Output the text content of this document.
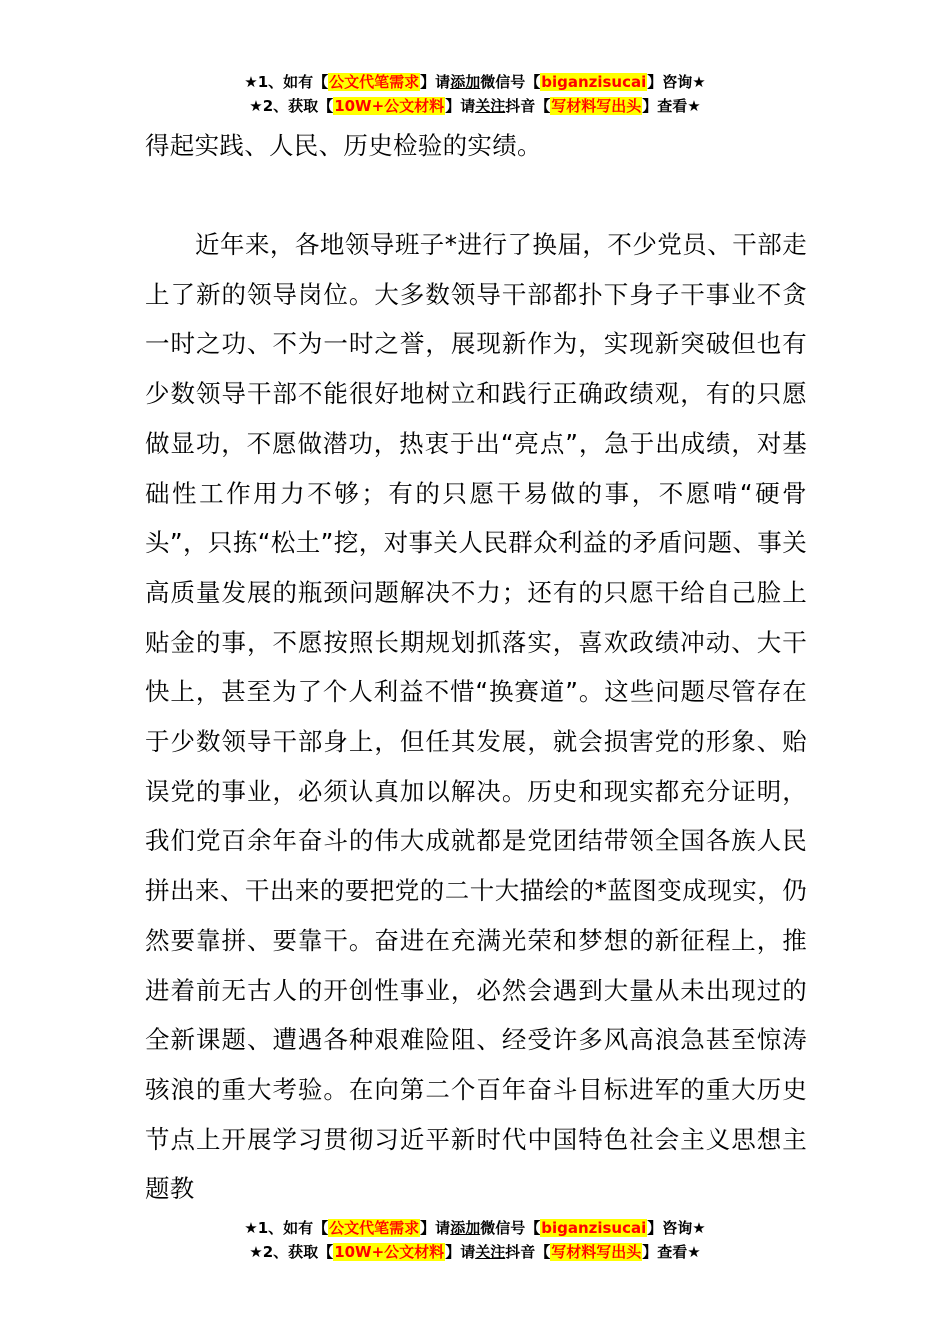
★1、如有【公文代笔需求】请添加微信号【biganzisucai】咨询★
★2、获取【10W+公文材料】请关注抖音【写材料写出头】查看★
得起实践、人民、历史检验的实绩。
近年来，各地领导班子*进行了换届，不少党员、干部走上了新的领导岗位。大多数领导干部都扑下身子干事业不贪一时之功、不为一时之誉，展现新作为，实现新突破但也有少数领导干部不能很好地树立和践行正确政绩观，有的只愿做显功，不愿做潜功，热衷于出“亮点”，急于出成绩，对基础性工作用力不够；有的只愿干易做的事，不愿啃“硬骨头”，只拣“松土”挖，对事关人民群众利益的矛盾问题、事关高质量发展的瓶颈问题解决不力；还有的只愿干给自己脸上贴金的事，不愿按照长期规划抓落实，喜欢政绩冲动、大干快上，甚至为了个人利益不惜“换赛道”。这些问题尽管存在于少数领导干部身上，但任其发展，就会损害党的形象、贻误党的事业，必须认真加以解决。历史和现实都充分证明，我们党百余年奋斗的伟大成就都是党团结带领全国各族人民拼出来、干出来的要把党的二十大描绘的*蓝图变成现实，仍然要靠拼、要靠干。奋进在充满光荣和梦想的新征程上，推进着前无古人的开创性事业，必然会遇到大量从未出现过的全新课题、遭遇各种艰难险阻、经受许多风高浪急甚至惊涛骇浪的重大考验。在向第二个百年奋斗目标进军的重大历史节点上开展学习贯彻习近平新时代中国特色社会主义思想主题教
★1、如有【公文代笔需求】请添加微信号【biganzisucai】咨询★
★2、获取【10W+公文材料】请关注抖音【写材料写出头】查看★
